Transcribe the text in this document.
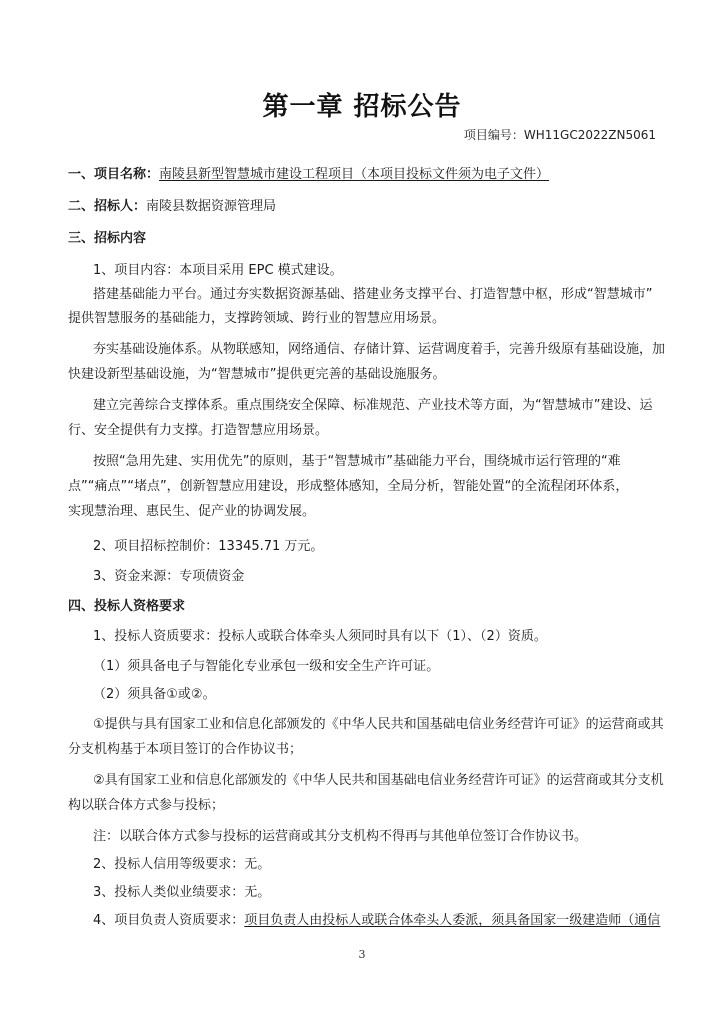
第一章 招标公告
项目编号：WH11GC2022ZN5061
一、项目名称：南陵县新型智慧城市建设工程项目（本项目投标文件须为电子文件）
二、招标人：南陵县数据资源管理局
三、招标内容
1、项目内容：本项目采用 EPC 模式建设。
搭建基础能力平台。通过夯实数据资源基础、搭建业务支撑平台、打造智慧中枢，形成“智慧城市”
提供智慧服务的基础能力，支撑跨领域、跨行业的智慧应用场景。
夯实基础设施体系。从物联感知，网络通信、存储计算、运营调度着手，完善升级原有基础设施，加
快建设新型基础设施，为“智慧城市”提供更完善的基础设施服务。
建立完善综合支撑体系。重点围绕安全保障、标准规范、产业技术等方面，为“智慧城市”建设、运
行、安全提供有力支撑。打造智慧应用场景。
按照“急用先建、实用优先”的原则，基于“智慧城市”基础能力平台，围绕城市运行管理的“难
点”“痛点”“堵点”，创新智慧应用建设，形成整体感知，全局分析，智能处置“的全流程闭环体系，
实现慧治理、惠民生、促产业的协调发展。
2、项目招标控制价：13345.71 万元。
3、资金来源：专项债资金
四、投标人资格要求
1、投标人资质要求：投标人或联合体牵头人须同时具有以下（1）、（2）资质。
（1）须具备电子与智能化专业承包一级和安全生产许可证。
（2）须具备①或②。
①提供与具有国家工业和信息化部颁发的《中华人民共和国基础电信业务经营许可证》的运营商或其
分支机构基于本项目签订的合作协议书；
②具有国家工业和信息化部颁发的《中华人民共和国基础电信业务经营许可证》的运营商或其分支机
构以联合体方式参与投标；
注：以联合体方式参与投标的运营商或其分支机构不得再与其他单位签订合作协议书。
2、投标人信用等级要求：无。
3、投标人类似业绩要求：无。
4、项目负责人资质要求：项目负责人由投标人或联合体牵头人委派，须具备国家一级建造师（通信
3
